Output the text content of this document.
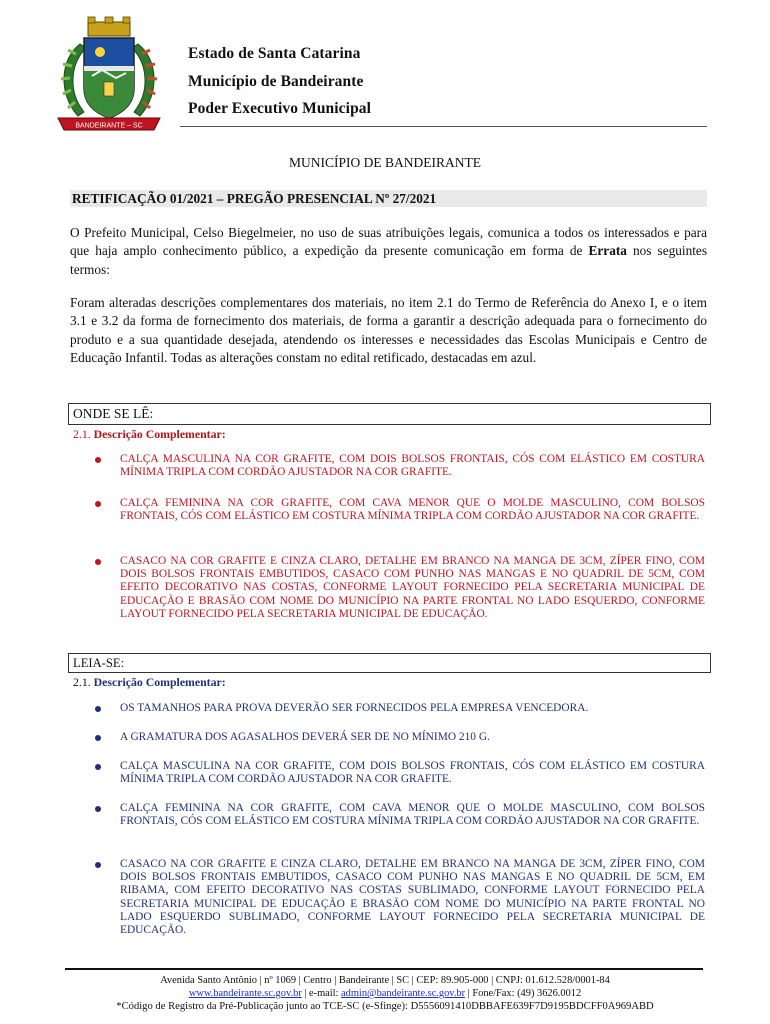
BANDEIRANTE – SC
Estado de Santa Catarina
Município de Bandeirante
Poder Executivo Municipal
MUNICÍPIO DE BANDEIRANTE
RETIFICAÇÃO 01/2021 – PREGÃO PRESENCIAL Nº 27/2021
O Prefeito Municipal, Celso Biegelmeier, no uso de suas atribuições legais, comunica a todos os interessados e para que haja amplo conhecimento público, a expedição da presente comunicação em forma de Errata nos seguintes termos:
Foram alteradas descrições complementares dos materiais, no item 2.1 do Termo de Referência do Anexo I, e o item 3.1 e 3.2 da forma de fornecimento dos materiais, de forma a garantir a descrição adequada para o fornecimento do produto e a sua quantidade desejada, atendendo os interesses e necessidades das Escolas Municipais e Centro de Educação Infantil. Todas as alterações constam no edital retificado, destacadas em azul.
ONDE SE LÊ:
2.1. Descrição Complementar:
CALÇA MASCULINA NA COR GRAFITE, COM DOIS BOLSOS FRONTAIS, CÓS COM ELÁSTICO EM COSTURA MÍNIMA TRIPLA COM CORDÃO AJUSTADOR NA COR GRAFITE.
CALÇA FEMININA NA COR GRAFITE, COM CAVA MENOR QUE O MOLDE MASCULINO, COM BOLSOS FRONTAIS, CÓS COM ELÁSTICO EM COSTURA MÍNIMA TRIPLA COM CORDÃO AJUSTADOR NA COR GRAFITE.
CASACO NA COR GRAFITE E CINZA CLARO, DETALHE EM BRANCO NA MANGA DE 3CM, ZÍPER FINO, COM DOIS BOLSOS FRONTAIS EMBUTIDOS, CASACO COM PUNHO NAS MANGAS E NO QUADRIL DE 5CM, COM EFEITO DECORATIVO NAS COSTAS, CONFORME LAYOUT FORNECIDO PELA SECRETARIA MUNICIPAL DE EDUCAÇÃO E BRASÃO COM NOME DO MUNICÍPIO NA PARTE FRONTAL NO LADO ESQUERDO, CONFORME LAYOUT FORNECIDO PELA SECRETARIA MUNICIPAL DE EDUCAÇÃO.
LEIA-SE:
2.1. Descrição Complementar:
OS TAMANHOS PARA PROVA DEVERÃO SER FORNECIDOS PELA EMPRESA VENCEDORA.
A GRAMATURA DOS AGASALHOS DEVERÁ SER DE NO MÍNIMO 210 G.
CALÇA MASCULINA NA COR GRAFITE, COM DOIS BOLSOS FRONTAIS, CÓS COM ELÁSTICO EM COSTURA MÍNIMA TRIPLA COM CORDÃO AJUSTADOR NA COR GRAFITE.
CALÇA FEMININA NA COR GRAFITE, COM CAVA MENOR QUE O MOLDE MASCULINO, COM BOLSOS FRONTAIS, CÓS COM ELÁSTICO EM COSTURA MÍNIMA TRIPLA COM CORDÃO AJUSTADOR NA COR GRAFITE.
CASACO NA COR GRAFITE E CINZA CLARO, DETALHE EM BRANCO NA MANGA DE 3CM, ZÍPER FINO, COM DOIS BOLSOS FRONTAIS EMBUTIDOS, CASACO COM PUNHO NAS MANGAS E NO QUADRIL DE 5CM, EM RIBAMA, COM EFEITO DECORATIVO NAS COSTAS SUBLIMADO, CONFORME LAYOUT FORNECIDO PELA SECRETARIA MUNICIPAL DE EDUCAÇÃO E BRASÃO COM NOME DO MUNICÍPIO NA PARTE FRONTAL NO LADO ESQUERDO SUBLIMADO, CONFORME LAYOUT FORNECIDO PELA SECRETARIA MUNICIPAL DE EDUCAÇÃO.
Avenida Santo Antônio | nº 1069 | Centro | Bandeirante | SC | CEP: 89.905-000 | CNPJ: 01.612.528/0001-84
www.bandeirante.sc.gov.br | e-mail: admin@bandeirante.sc.gov.br | Fone/Fax: (49) 3626.0012
*Código de Registro da Pré-Publicação junto ao TCE-SC (e-Sfinge): D5556091410DBBAFE639F7D9195BDCFF0A969ABD
